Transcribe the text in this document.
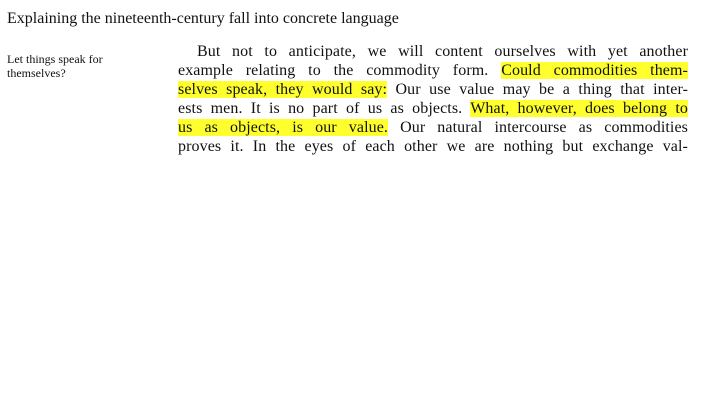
Explaining the nineteenth-century fall into concrete language
Let things speak for themselves?
But not to anticipate, we will content ourselves with yet another
example relating to the commodity form. Could commodities them-
selves speak, they would say: Our use value may be a thing that inter-
ests men. It is no part of us as objects. What, however, does belong to
us as objects, is our value. Our natural intercourse as commodities
proves it. In the eyes of each other we are nothing but exchange val-
